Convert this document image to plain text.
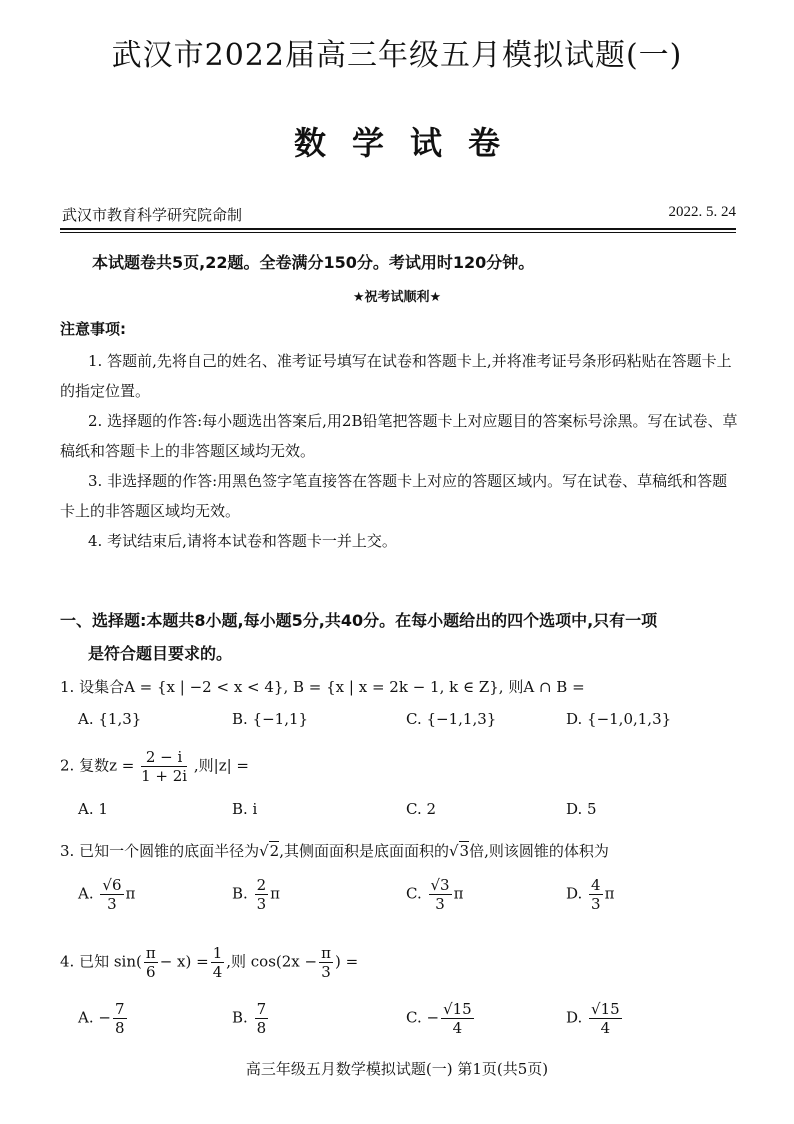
武汉市2022届高三年级五月模拟试题(一)
数学试卷
武汉市教育科学研究院命制	2022. 5. 24
本试题卷共5页,22题。全卷满分150分。考试用时120分钟。
★祝考试顺利★
注意事项:
1. 答题前,先将自己的姓名、准考证号填写在试卷和答题卡上,并将准考证号条形码粘贴在答题卡上的指定位置。
2. 选择题的作答:每小题选出答案后,用2B铅笔把答题卡上对应题目的答案标号涂黑。写在试卷、草稿纸和答题卡上的非答题区域均无效。
3. 非选择题的作答:用黑色签字笔直接答在答题卡上对应的答题区域内。写在试卷、草稿纸和答题卡上的非答题区域均无效。
4. 考试结束后,请将本试卷和答题卡一并上交。
一、选择题:本题共8小题,每小题5分,共40分。在每小题给出的四个选项中,只有一项
是符合题目要求的。
1. 设集合A = {x | −2 < x < 4}, B = {x | x = 2k − 1, k ∈ Z}, 则A ∩ B =
A. {1,3}	B. {−1,1}	C. {−1,1,3}	D. {−1,0,1,3}
2. 复数$z = \frac{2 - i}{1 + 2i}$ ,则|z| =
A. 1	B. i	C. 2	D. 5
3. 已知一个圆锥的底面半径为√2,其侧面面积是底面面积的√3倍,则该圆锥的体积为
A. $\frac{√6}{3}$ π	B. $\frac{2}{3}$ π	C. $\frac{√3}{3}$ π	D. $\frac{4}{3}$ π
4. 已知 $\sin( \frac{\pi}{6} - x) = \frac{1}{4}$ ,则 $\cos(2x - \frac{\pi}{3}$ ) =
A. − $\frac{7}{8}$	B. $\frac{7}{8}$	C. − $\frac{√15}{4}$	D. $\frac{√15}{4}$
高三年级五月数学模拟试题(一) 第1页(共5页)
